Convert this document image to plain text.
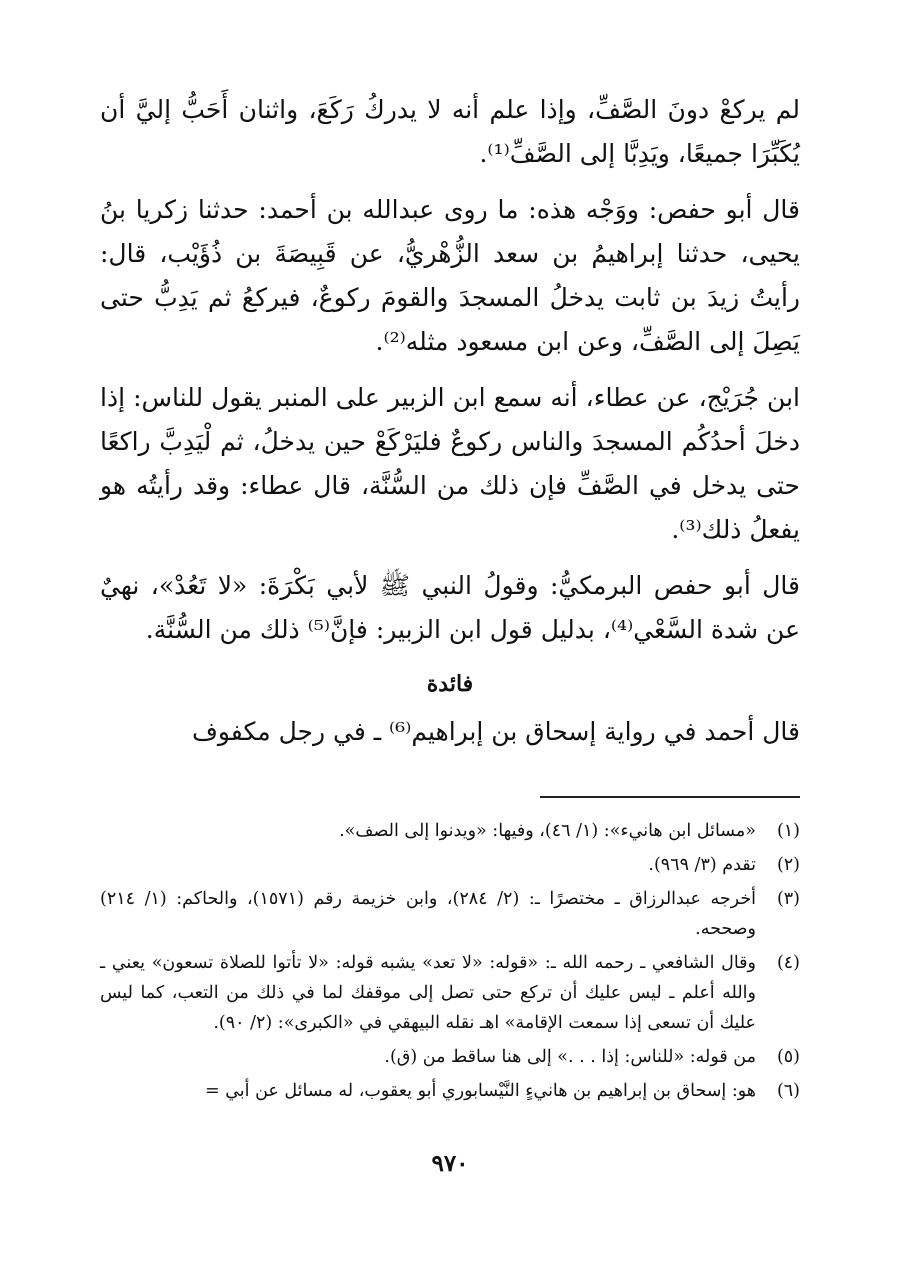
لم يركعْ دونَ الصَّفِّ، وإذا علم أنه لا يدركُ رَكَعَ، واثنان أَحَبُّ إليَّ أن يُكَبِّرَا جميعًا، ويَدِبَّا إلى الصَّفِّ⁽¹⁾.

قال أبو حفص: ووَجْه هذه: ما روى عبدالله بن أحمد: حدثنا زكريا بنُ يحيى، حدثنا إبراهيمُ بن سعد الزُّهْريُّ، عن قَبِيصَةَ بن ذُؤَيْب، قال: رأيتُ زيدَ بن ثابت يدخلُ المسجدَ والقومَ ركوعٌ، فيركعُ ثم يَدِبُّ حتى يَصِلَ إلى الصَّفِّ، وعن ابن مسعود مثله⁽²⁾.

ابن جُرَيْج، عن عطاء، أنه سمع ابن الزبير على المنبر يقول للناس: إذا دخلَ أحدُكُم المسجدَ والناس ركوعٌ فليَرْكَعْ حين يدخلُ، ثم لْيَدِبَّ راكعًا حتى يدخل في الصَّفِّ فإن ذلك من السُّنَّة، قال عطاء: وقد رأيتُه هو يفعلُ ذلك⁽³⁾.

قال أبو حفص البرمكيُّ: وقولُ النبي ﷺ لأبي بَكْرَةَ: «لا تَعُدْ»، نهيٌ عن شدة السَّعْي⁽⁴⁾، بدليل قول ابن الزبير: فإنَّ⁽⁵⁾ ذلك من السُّنَّة.

فائدة

قال أحمد في رواية إسحاق بن إبراهيم⁽⁶⁾ ـ في رجل مكفوف

(١)
«مسائل ابن هانيء»: (١/ ٤٦)، وفيها: «ويدنوا إلى الصف».
(٢)
تقدم (٣/ ٩٦٩).
(٣)
أخرجه عبدالرزاق ـ مختصرًا ـ: (٢/ ٢٨٤)، وابن خزيمة رقم (١٥٧١)، والحاكم: (١/ ٢١٤) وصححه.
(٤)
وقال الشافعي ـ رحمه الله ـ: «قوله: «لا تعد» يشبه قوله: «لا تأتوا للصلاة تسعون» يعني ـ والله أعلم ـ ليس عليك أن تركع حتى تصل إلى موقفك لما في ذلك من التعب، كما ليس عليك أن تسعى إذا سمعت الإقامة» اهـ نقله البيهقي في «الكبرى»: (٢/ ٩٠).
(٥)
من قوله: «للناس: إذا . . .» إلى هنا ساقط من (ق).
(٦)
هو: إسحاق بن إبراهيم بن هانيءٍ النَّيْسابوري أبو يعقوب، له مسائل عن أبي =
٩٧٠
